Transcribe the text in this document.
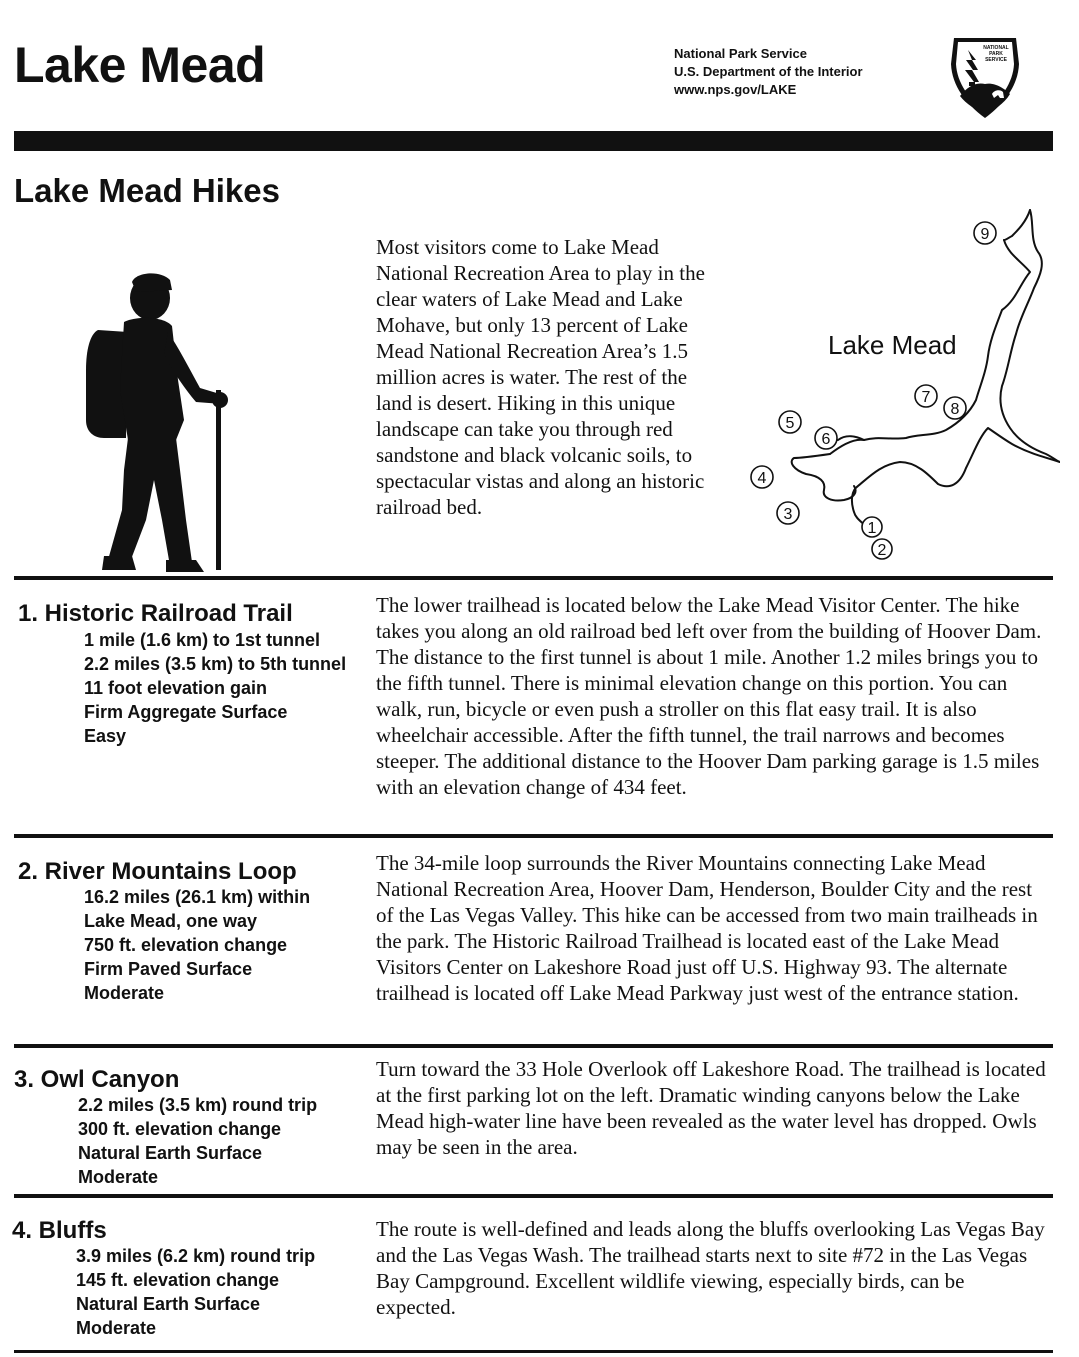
Lake Mead	National Park Service
U.S. Department of the Interior
www.nps.gov/LAKE
NATIONAL
PARK
SERVICE
Lake Mead Hikes

Most visitors come to Lake Mead National Recreation Area to play in the clear waters of Lake Mead and Lake Mohave, but only 13 percent of Lake Mead National Recreation Area’s 1.5 million acres is water. The rest of the land is desert. Hiking in this unique landscape can take you through red sandstone and black volcanic soils, to spectacular vistas and along an historic railroad bed.

Lake Mead
1
2
3
4
5
6
7
8
9
1. Historic Railroad Trail
1 mile (1.6 km) to 1st tunnel
2.2 miles (3.5 km) to 5th tunnel
11 foot elevation gain
Firm Aggregate Surface
Easy

The lower trailhead is located below the Lake Mead Visitor Center. The hike takes you along an old railroad bed left over from the building of Hoover Dam. The distance to the first tunnel is about 1 mile. Another 1.2 miles brings you to the fifth tunnel. There is minimal elevation change on this portion. You can walk, run, bicycle or even push a stroller on this flat easy trail. It is also wheelchair accessible. After the fifth tunnel, the trail narrows and becomes steeper. The additional distance to the Hoover Dam parking garage is 1.5 miles with an elevation change of 434 feet.

2. River Mountains Loop
16.2 miles (26.1 km) within
Lake Mead, one way
750 ft. elevation change
Firm Paved Surface
Moderate

The 34-mile loop surrounds the River Mountains connecting Lake Mead National Recreation Area, Hoover Dam, Henderson, Boulder City and the rest of the Las Vegas Valley. This hike can be accessed from two main trailheads in the park. The Historic Railroad Trailhead is located east of the Lake Mead Visitors Center on Lakeshore Road just off U.S. Highway 93. The alternate trailhead is located off Lake Mead Parkway just west of the entrance station.

3. Owl Canyon
2.2 miles (3.5 km) round trip
300 ft. elevation change
Natural Earth Surface
Moderate

Turn toward the 33 Hole Overlook off Lakeshore Road. The trailhead is located at the first parking lot on the left. Dramatic winding canyons below the Lake Mead high-water line have been revealed as the water level has dropped. Owls may be seen in the area.

4. Bluffs
3.9 miles (6.2 km) round trip
145 ft. elevation change
Natural Earth Surface
Moderate

The route is well-defined and leads along the bluffs overlooking Las Vegas Bay and the Las Vegas Wash. The trailhead starts next to site #72 in the Las Vegas Bay Campground. Excellent wildlife viewing, especially birds, can be expected.
